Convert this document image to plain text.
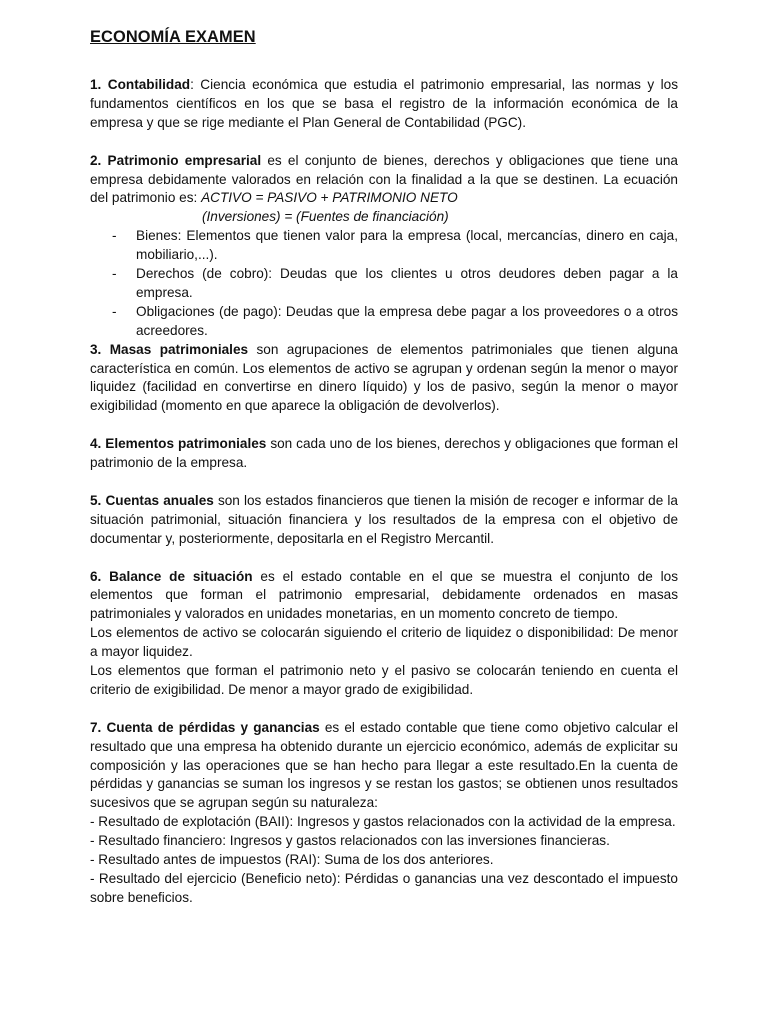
ECONOMÍA EXAMEN

1. Contabilidad: Ciencia económica que estudia el patrimonio empresarial, las normas y los fundamentos científicos en los que se basa el registro de la información económica de la empresa y que se rige mediante el Plan General de Contabilidad (PGC).

2. Patrimonio empresarial es el conjunto de bienes, derechos y obligaciones que tiene una empresa debidamente valorados en relación con la finalidad a la que se destinen. La ecuación del patrimonio es: ACTIVO = PASIVO + PATRIMONIO NETO

(Inversiones) = (Fuentes de financiación)

- Bienes: Elementos que tienen valor para la empresa (local, mercancías, dinero en caja, mobiliario,...).
- Derechos (de cobro): Deudas que los clientes u otros deudores deben pagar a la empresa.
- Obligaciones (de pago): Deudas que la empresa debe pagar a los proveedores o a otros acreedores.

3. Masas patrimoniales son agrupaciones de elementos patrimoniales que tienen alguna característica en común. Los elementos de activo se agrupan y ordenan según la menor o mayor liquidez (facilidad en convertirse en dinero líquido) y los de pasivo, según la menor o mayor exigibilidad (momento en que aparece la obligación de devolverlos).

4. Elementos patrimoniales son cada uno de los bienes, derechos y obligaciones que forman el patrimonio de la empresa.

5. Cuentas anuales son los estados financieros que tienen la misión de recoger e informar de la situación patrimonial, situación financiera y los resultados de la empresa con el objetivo de documentar y, posteriormente, depositarla en el Registro Mercantil.

6. Balance de situación es el estado contable en el que se muestra el conjunto de los elementos que forman el patrimonio empresarial, debidamente ordenados en masas patrimoniales y valorados en unidades monetarias, en un momento concreto de tiempo.

Los elementos de activo se colocarán siguiendo el criterio de liquidez o disponibilidad: De menor a mayor liquidez.

Los elementos que forman el patrimonio neto y el pasivo se colocarán teniendo en cuenta el criterio de exigibilidad. De menor a mayor grado de exigibilidad.

7. Cuenta de pérdidas y ganancias es el estado contable que tiene como objetivo calcular el resultado que una empresa ha obtenido durante un ejercicio económico, además de explicitar su composición y las operaciones que se han hecho para llegar a este resultado.En la cuenta de pérdidas y ganancias se suman los ingresos y se restan los gastos; se obtienen unos resultados sucesivos que se agrupan según su naturaleza:

- Resultado de explotación (BAII): Ingresos y gastos relacionados con la actividad de la empresa.

- Resultado financiero: Ingresos y gastos relacionados con las inversiones financieras.

- Resultado antes de impuestos (RAI): Suma de los dos anteriores.

- Resultado del ejercicio (Beneficio neto): Pérdidas o ganancias una vez descontado el impuesto sobre beneficios.
